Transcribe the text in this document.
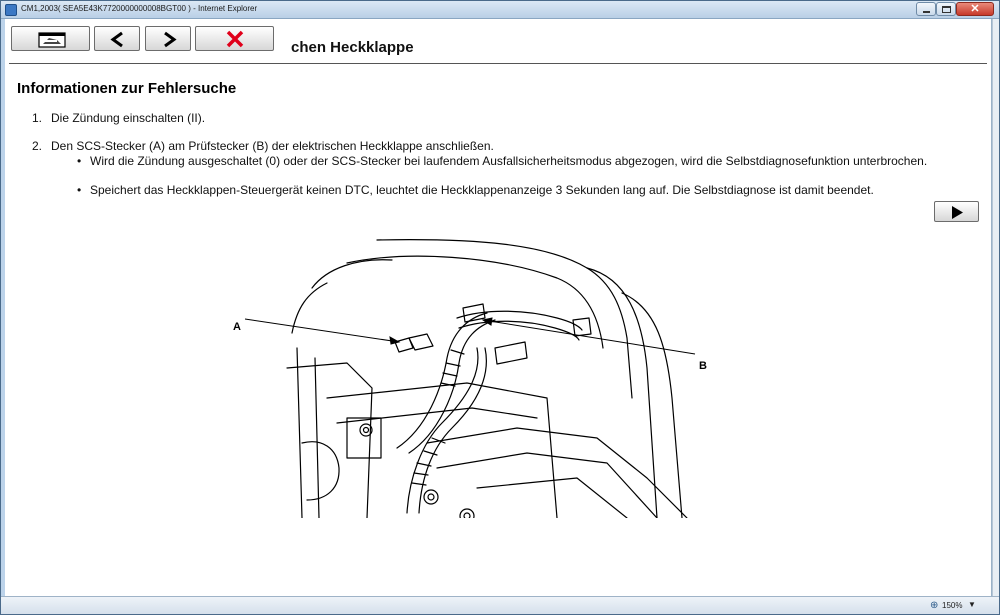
CM1,2003( SEA5E43K7720000000008BGT00 ) - Internet Explorer	✕
chen Heckklappe
Informationen zur Fehlersuche
1. Die Zündung einschalten (II).
2. Den SCS-Stecker (A) am Prüfstecker (B) der elektrischen Heckklappe anschließen.
• Wird die Zündung ausgeschaltet (0) oder der SCS-Stecker bei laufendem Ausfallsicherheitsmodus abgezogen, wird die Selbstdiagnosefunktion unterbrochen.
• Speichert das Heckklappen-Steuergerät keinen DTC, leuchtet die Heckklappenanzeige 3 Sekunden lang auf. Die Selbstdiagnose ist damit beendet.
A
B
⊕ 150% ▼
